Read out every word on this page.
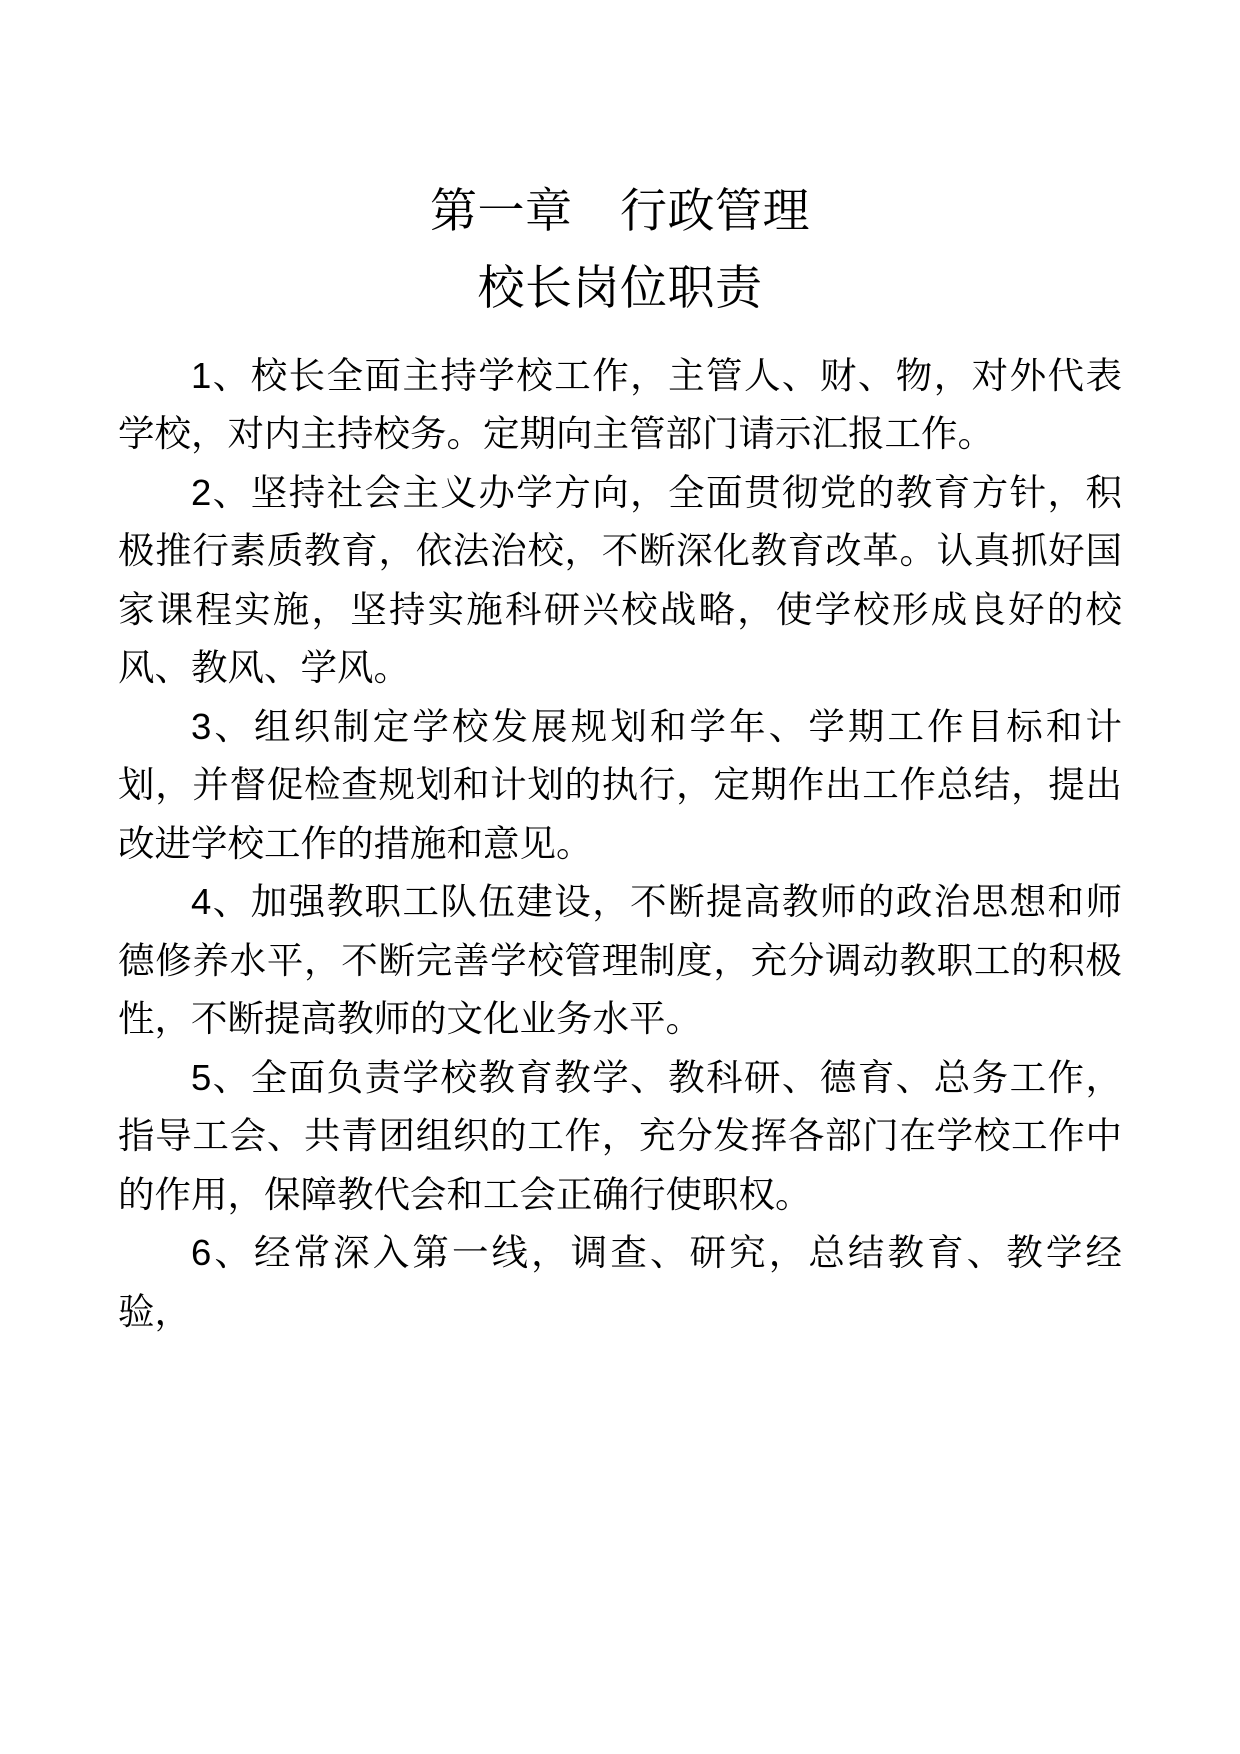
第一章　行政管理
校长岗位职责

1、校长全面主持学校工作，主管人、财、物，对外代表学校，对内主持校务。定期向主管部门请示汇报工作。

2、坚持社会主义办学方向，全面贯彻党的教育方针，积极推行素质教育，依法治校，不断深化教育改革。认真抓好国家课程实施，坚持实施科研兴校战略，使学校形成良好的校风、教风、学风。

3、组织制定学校发展规划和学年、学期工作目标和计划，并督促检查规划和计划的执行，定期作出工作总结，提出改进学校工作的措施和意见。

4、加强教职工队伍建设，不断提高教师的政治思想和师德修养水平，不断完善学校管理制度，充分调动教职工的积极性，不断提高教师的文化业务水平。

5、全面负责学校教育教学、教科研、德育、总务工作，指导工会、共青团组织的工作，充分发挥各部门在学校工作中的作用，保障教代会和工会正确行使职权。

6、经常深入第一线，调查、研究，总结教育、教学经验，
